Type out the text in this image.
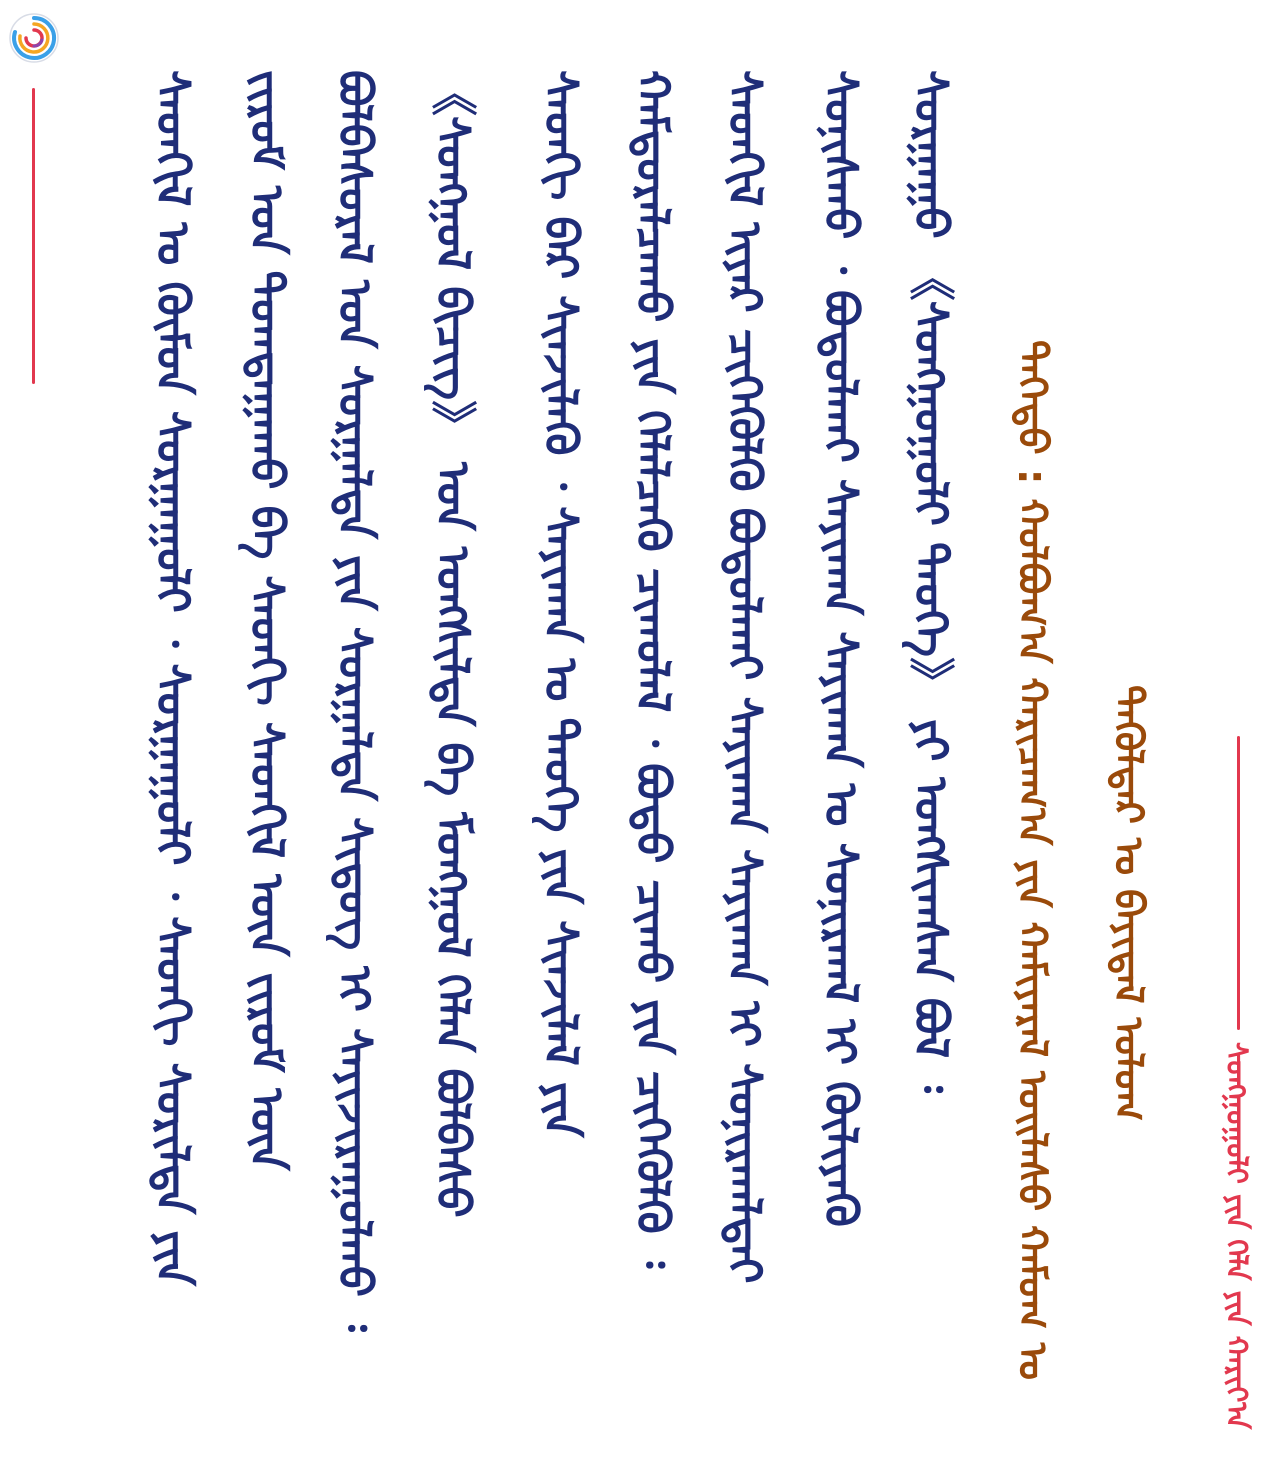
ᠰᠣᠩᠭᠣᠭᠤᠯᠢ ᠶᠢᠨ ᠬᠡᠯᠡ ᠶᠢᠨ ᠬᠠᠷᠢᠶ᠎ᠠ
ᠳᠡᠭᠡᠳᠦ : ᠬᠣᠯᠪᠣᠭ᠎ᠠ ᠬᠠᠷᠢᠴᠠᠭ᠎ᠠ ᠶᠢᠨ ᠬᠠᠮᠢᠶᠠᠷᠠᠯ ᠤᠢᠯᠠᠰᠤ ᠬᠠᠮᠤᠭ ᠤ ᠲᠡᠭᠦᠯᠳᠡᠷ ᠤ ᠪᠠᠶᠢᠳᠠᠯ ᠤᠯᠤᠭ
ᠰᠤᠷᠭᠠᠭᠤ 《ᠰᠣᠩᠭᠣᠭᠤᠯᠢ ᠲᠡᠤᠬᠡ》 ᠶᠢ ᠤᠩᠰᠢᠭᠰᠠᠨ ᠪᠣᠯ ᠄
ᠰᠣᠨᠢᠰᠬᠤ ᠂ ᠪᠣᠳᠣᠯᠬᠠᠢ ᠰᠠᠶᠢᠬᠠᠨ ᠰᠠᠶᠢᠬᠠᠨ ᠤ ᠰᠣᠨᠢᠷᠬᠠᠯ ᠢ ᠬᠦᠯᠢᠶᠡᠬᠦ
ᠰᠡᠳᠬᠢᠯ ᠢᠶᠡᠷ ᠴᠢᠭᠡᠭᠦᠯᠬᠦ ᠪᠣᠳᠣᠯᠬᠠᠢ ᠰᠠᠶᠢᠬᠠᠨ ᠰᠠᠶᠢᠬᠠᠨ ᠢ ᠰᠣᠨᠢᠷᠬᠠᠯᠲᠠᠢ
ᠬᠠᠮᠲᠤᠷᠠᠯᠴᠠᠬᠤ ᠶᠢᠨ ᠬᠡᠯᠡᠯᠴᠡᠬᠦ ᠴᠢᠬᠤᠯᠠᠯ ᠂ ᠪᠣᠳᠣ ᠴᠢᠬᠤ ᠶᠢᠨ ᠴᠢᠭᠡᠭᠦᠯᠬᠦ ᠄
ᠰᠡᠳᠬᠢ ᠪᠠᠷ ᠰᠢᠨᠵᠢᠯᠡᠬᠦ ᠂ ᠰᠠᠶᠢᠬᠠᠨ ᠤ ᠲᠡᠦᠬᠡ ᠶᠢᠨ ᠰᠢᠨᠵᠢᠯᠡᠯ ᠶᠢᠨ
《ᠰᠣᠩᠭᠣᠯ ᠪᠢᠴᠢᠭ》 ᠤᠨ ᠤᠩᠰᠢᠯᠲᠠ ᠪᠠ ᠮᠣᠩᠭᠣᠯ ᠬᠡᠯᠡᠨ ᠪᠣᠯᠪᠠᠰᠤ
ᠪᠣᠯᠪᠠᠰᠤᠷᠠᠯ ᠤᠨ ᠰᠤᠷᠭᠠᠯᠲᠠ ᠶᠢᠨ ᠰᠤᠷᠭᠠᠯᠲᠠ ᠰᠢᠳᠦᠭ ᠢ ᠰᠠᠶᠢᠵᠢᠷᠠᠭᠤᠯᠬᠤ ᠄
ᠵᠢᠷᠦᠮ ᠤᠨ ᠲᠣᠭᠲᠠᠭᠠᠬᠤ ᠪᠠ ᠰᠡᠳᠬᠢ ᠰᠡᠳᠬᠢᠯ ᠦᠨ ᠵᠢᠷᠦᠮ ᠦᠨ
ᠰᠡᠳᠬᠢᠯ ᠤ ᠬᠦᠮᠦᠨ ᠰᠤᠷᠭᠠᠭᠤᠯᠢ ᠂ ᠰᠤᠷᠭᠠᠭᠤᠯᠢ ᠂ ᠰᠡᠳᠬᠢ ᠰᠣᠷᠢᠯᠲᠠ ᠶᠢᠨ
